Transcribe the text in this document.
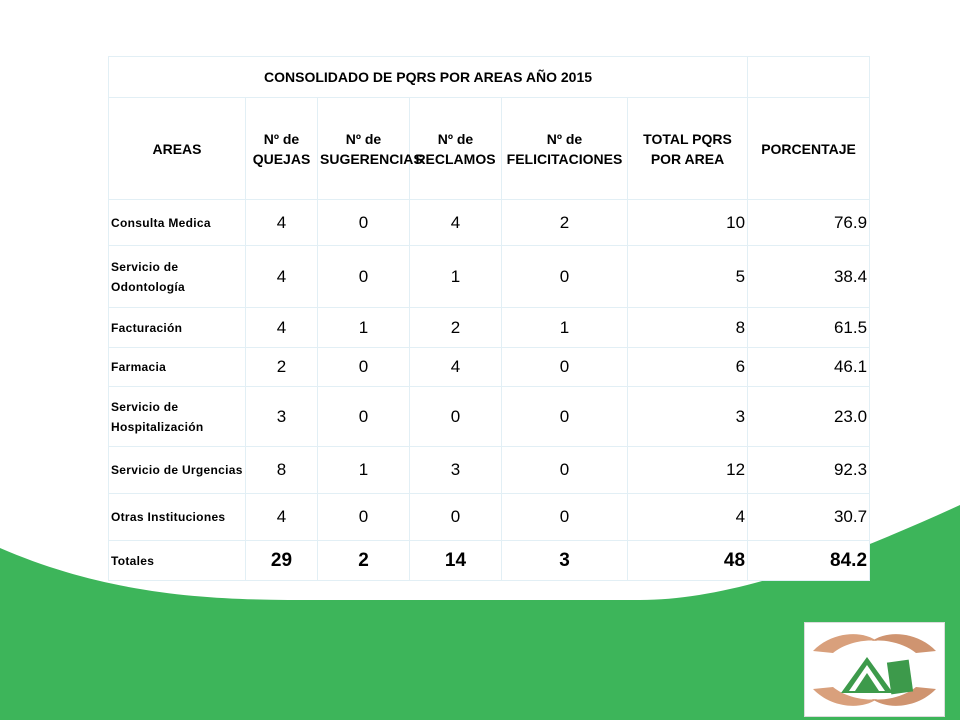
CONSOLIDADO DE PQRS POR AREAS AÑO 2015						
AREAS	Nº de QUEJAS	Nº de SUGERENCIAS	Nº de RECLAMOS	Nº de FELICITACIONES	TOTAL PQRS POR AREA	PORCENTAJE
Consulta Medica	4	0	4	2	10	76.9
Servicio de Odontología	4	0	1	0	5	38.4
Facturación	4	1	2	1	8	61.5
Farmacia	2	0	4	0	6	46.1
Servicio de Hospitalización	3	0	0	0	3	23.0
Servicio de Urgencias	8	1	3	0	12	92.3
Otras Instituciones	4	0	0	0	4	30.7
Totales	29	2	14	3	48	84.2
